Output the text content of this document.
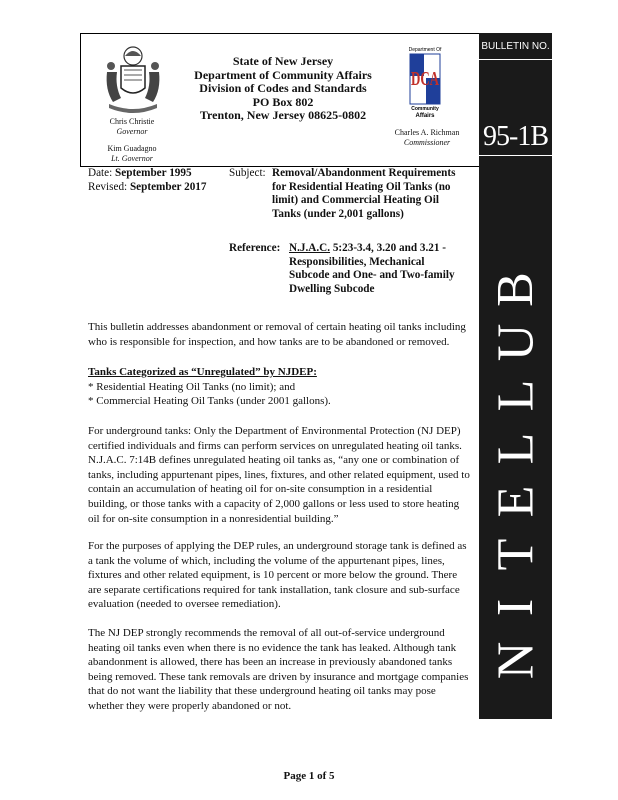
BULLETIN NO.
95-1B
B
U
L
L
E
T
I
N
Chris Christie
Governor
Kim Guadagno
Lt. Governor
State of New Jersey
Department of Community Affairs
Division of Codes and Standards
PO Box 802
Trenton, New Jersey 08625-0802
Department Of
DCA
Community
Affairs
Charles A. Richman
Commissioner
Date: September 1995
Revised: September 2017
Subject: Removal/Abandonment Requirements
for Residential Heating Oil Tanks (no
limit) and Commercial Heating Oil
Tanks (under 2,001 gallons)
Reference: N.J.A.C. 5:23-3.4, 3.20 and 3.21 -
Responsibilities, Mechanical
Subcode and One- and Two-family
Dwelling Subcode
This bulletin addresses abandonment or removal of certain heating oil tanks including who is responsible for inspection, and how tanks are to be abandoned or removed.
Tanks Categorized as “Unregulated” by NJDEP:
* Residential Heating Oil Tanks (no limit); and
* Commercial Heating Oil Tanks (under 2001 gallons).
For underground tanks: Only the Department of Environmental Protection (NJ DEP) certified individuals and firms can perform services on unregulated heating oil tanks. N.J.A.C. 7:14B defines unregulated heating oil tanks as, “any one or combination of tanks, including appurtenant pipes, lines, fixtures, and other related equipment, used to contain an accumulation of heating oil for on-site consumption in a residential building, or those tanks with a capacity of 2,000 gallons or less used to store heating oil for on-site consumption in a nonresidential building.”
For the purposes of applying the DEP rules, an underground storage tank is defined as a tank the volume of which, including the volume of the appurtenant pipes, lines, fixtures and other related equipment, is 10 percent or more below the ground. There are separate certifications required for tank installation, tank closure and sub-surface evaluation (needed to oversee remediation).
The NJ DEP strongly recommends the removal of all out-of-service underground heating oil tanks even when there is no evidence the tank has leaked. Although tank abandonment is allowed, there has been an increase in previously abandoned tanks being removed. These tank removals are driven by insurance and mortgage companies that do not want the liability that these underground heating oil tanks may pose whether they were properly abandoned or not.
Page 1 of 5
